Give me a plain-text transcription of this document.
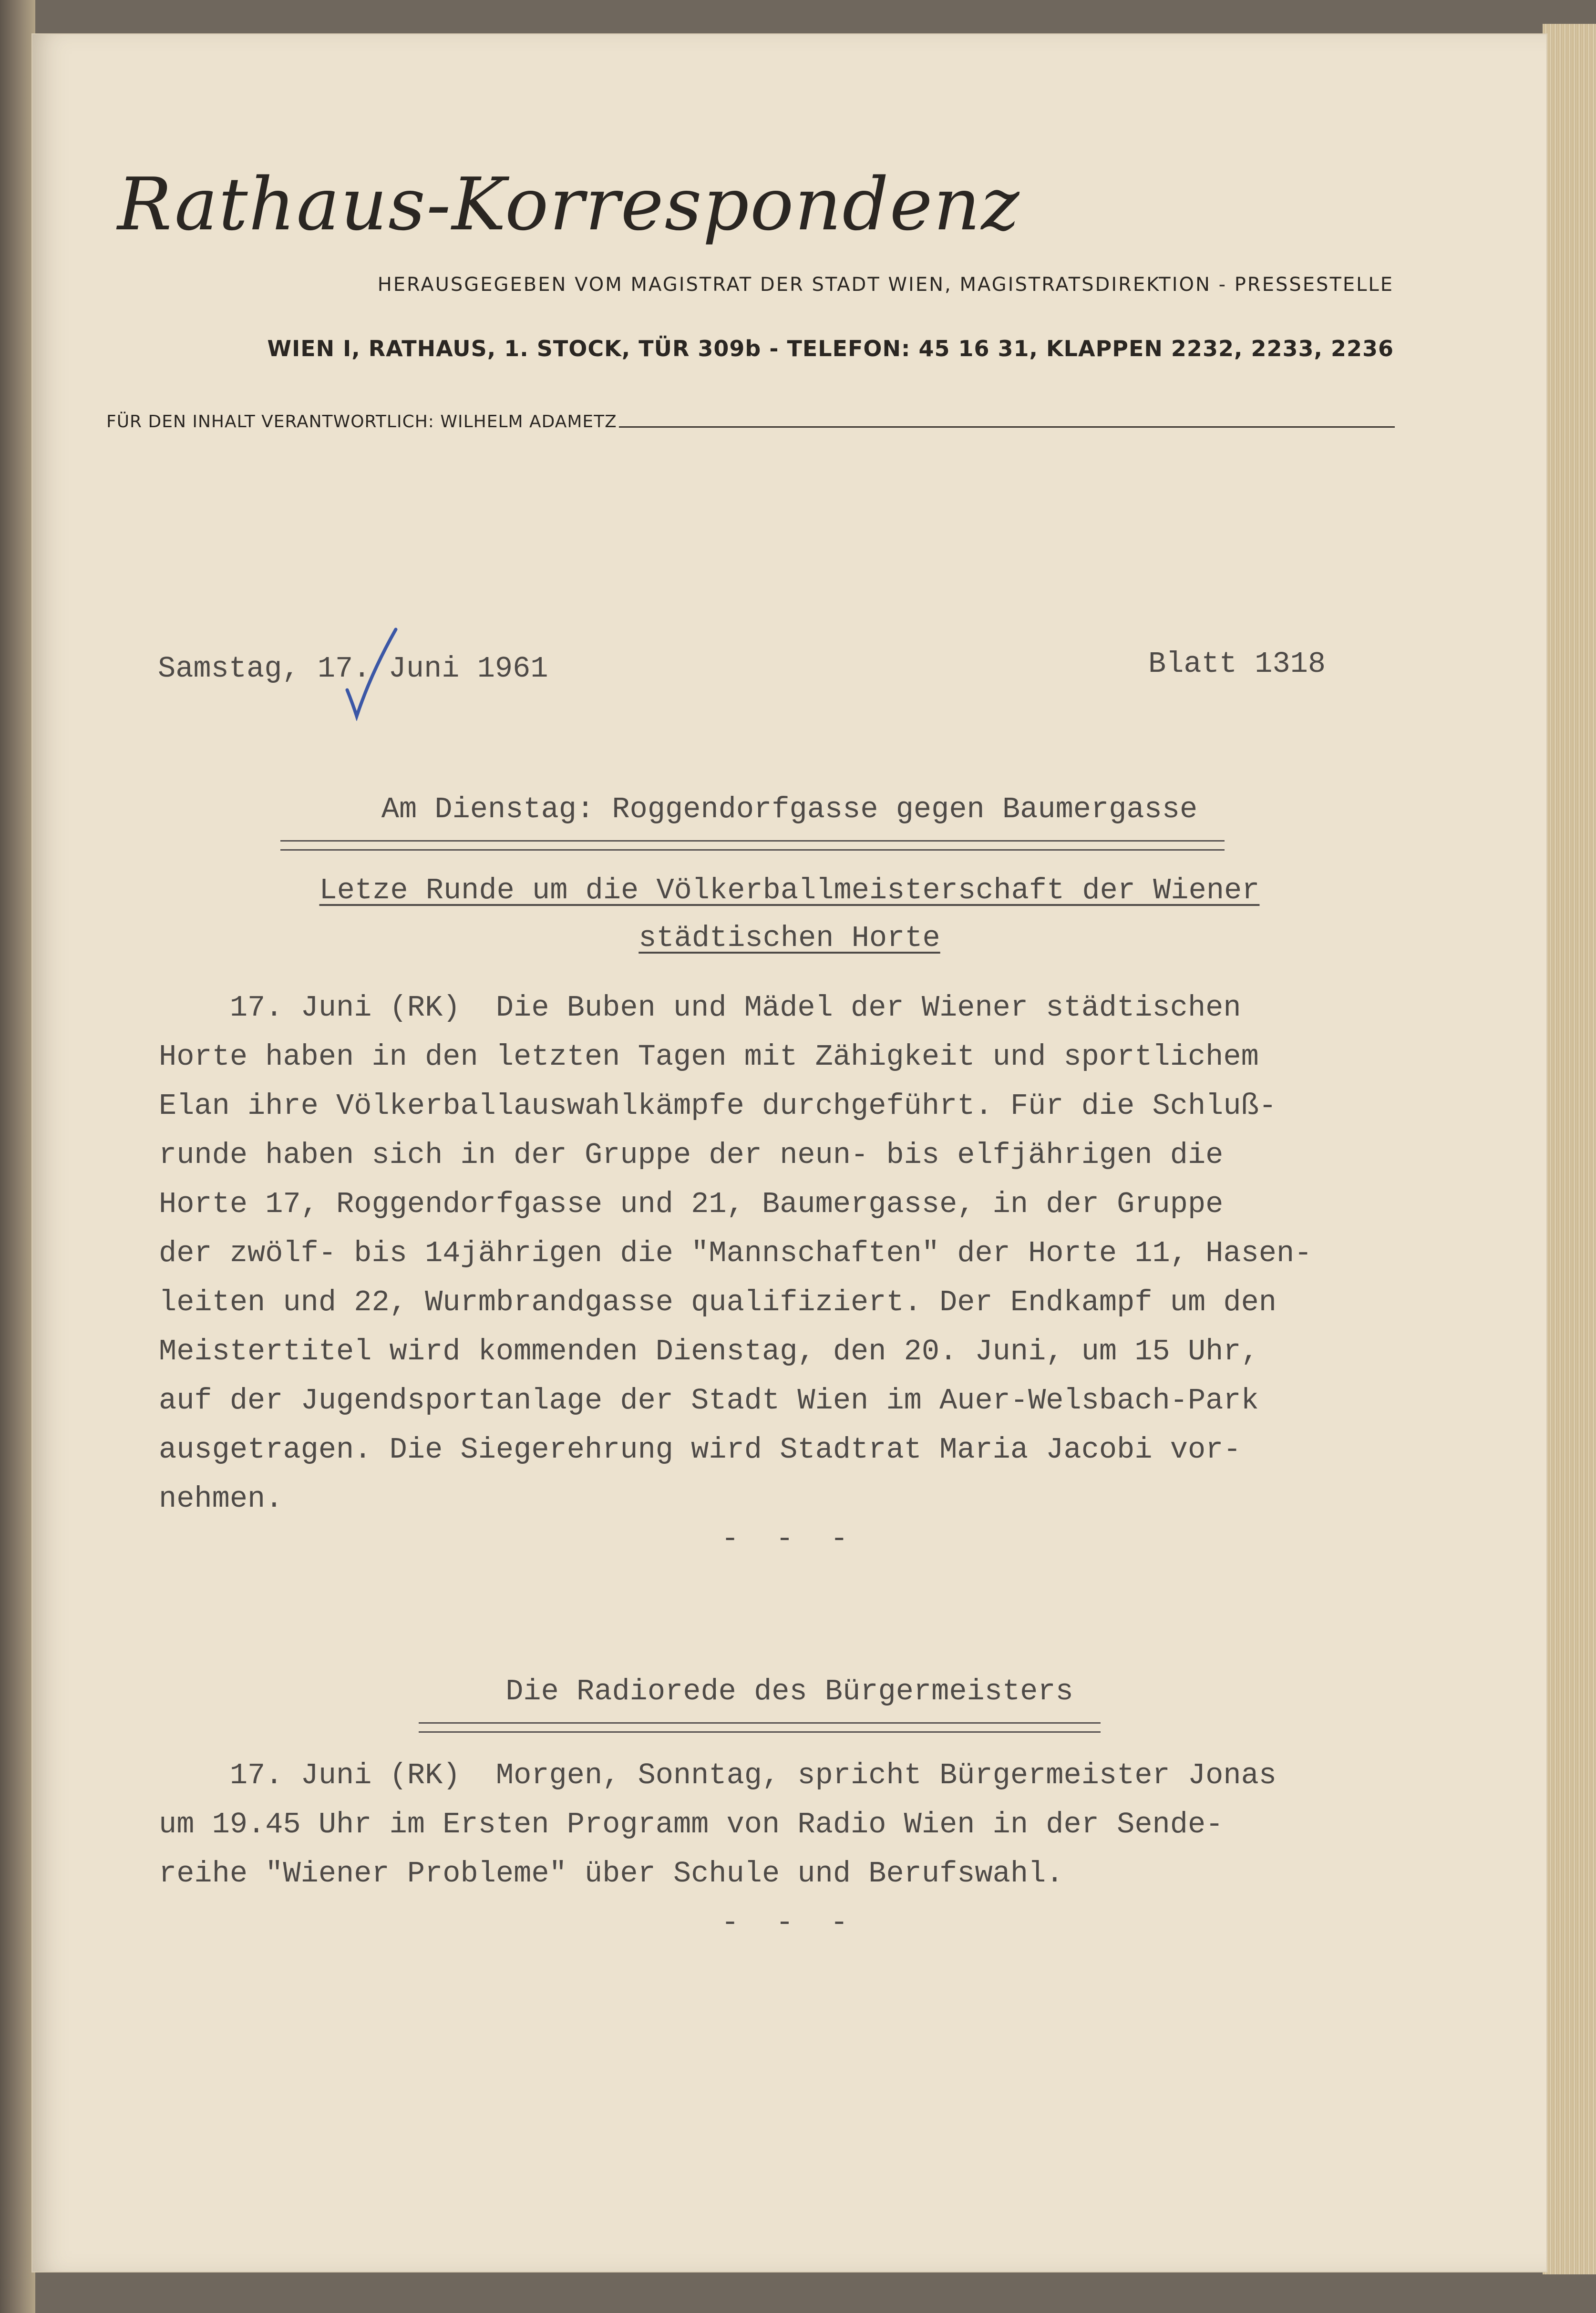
Rathaus-Korrespondenz

HERAUSGEGEBEN VOM MAGISTRAT DER STADT WIEN, MAGISTRATSDIREKTION - PRESSESTELLE

WIEN I, RATHAUS, 1. STOCK, TÜR 309b - TELEFON: 45 16 31, KLAPPEN 2232, 2233, 2236

FÜR DEN INHALT VERANTWORTLICH: WILHELM ADAMETZ

Samstag, 17. Juni 1961	Blatt 1318

Am Dienstag: Roggendorfgasse gegen Baumergasse

Letze Runde um die Völkerballmeisterschaft der Wiener

städtischen Horte

17. Juni (RK)  Die Buben und Mädel der Wiener städtischen
Horte haben in den letzten Tagen mit Zähigkeit und sportlichem
Elan ihre Völkerballauswahlkämpfe durchgeführt. Für die Schluß-
runde haben sich in der Gruppe der neun- bis elfjährigen die
Horte 17, Roggendorfgasse und 21, Baumergasse, in der Gruppe
der zwölf- bis 14jährigen die "Mannschaften" der Horte 11, Hasen-
leiten und 22, Wurmbrandgasse qualifiziert. Der Endkampf um den
Meistertitel wird kommenden Dienstag, den 20. Juni, um 15 Uhr,
auf der Jugendsportanlage der Stadt Wien im Auer-Welsbach-Park
ausgetragen. Die Siegerehrung wird Stadtrat Maria Jacobi vor-
nehmen.

- - -

Die Radiorede des Bürgermeisters

17. Juni (RK)  Morgen, Sonntag, spricht Bürgermeister Jonas
um 19.45 Uhr im Ersten Programm von Radio Wien in der Sende-
reihe "Wiener Probleme" über Schule und Berufswahl.

- - -
